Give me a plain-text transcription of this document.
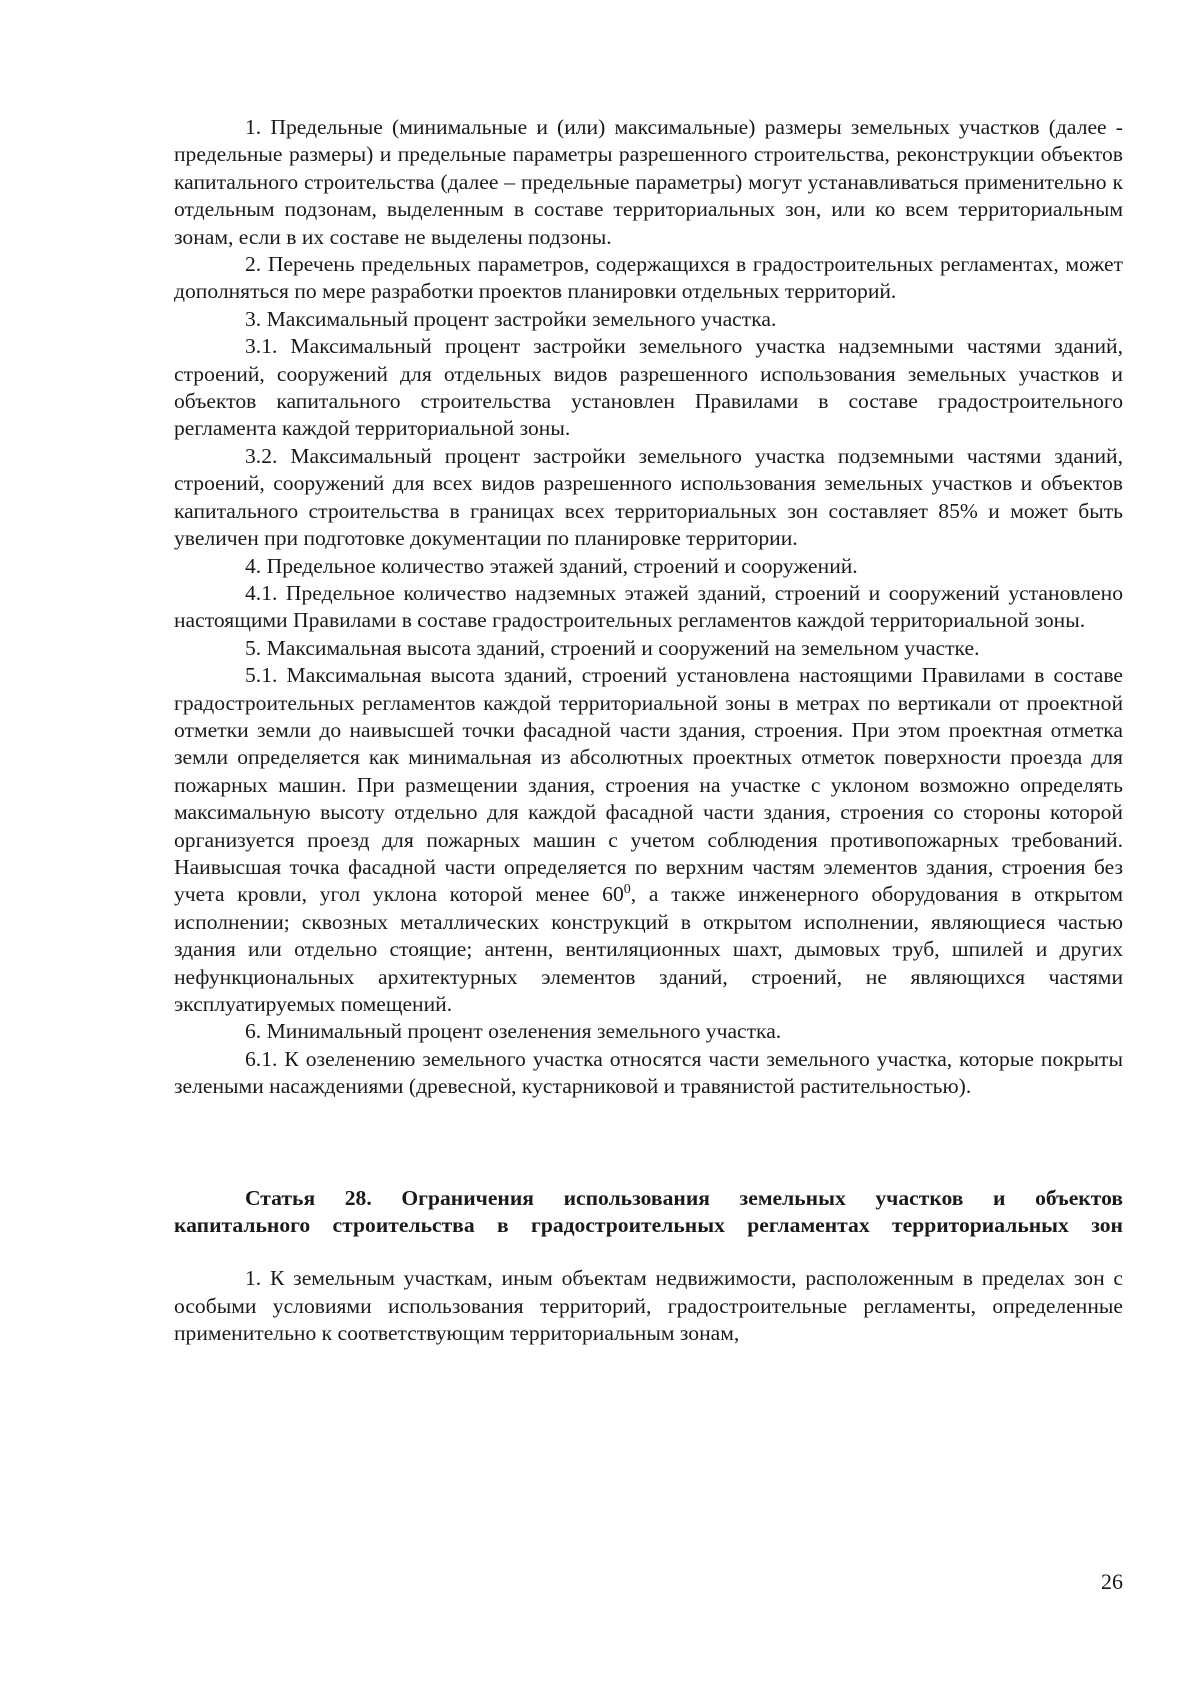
1. Предельные (минимальные и (или) максимальные) размеры земельных участков (далее - предельные размеры) и предельные параметры разрешенного строительства, реконструкции объектов капитального строительства (далее – предельные параметры) могут устанавливаться применительно к отдельным подзонам, выделенным в составе территориальных зон, или ко всем территориальным зонам, если в их составе не выделены подзоны.

2. Перечень предельных параметров, содержащихся в градостроительных регламентах, может дополняться по мере разработки проектов планировки отдельных территорий.

3. Максимальный процент застройки земельного участка.

3.1. Максимальный процент застройки земельного участка надземными частями зданий, строений, сооружений для отдельных видов разрешенного использования земельных участков и объектов капитального строительства установлен Правилами в составе градостроительного регламента каждой территориальной зоны.

3.2. Максимальный процент застройки земельного участка подземными частями зданий, строений, сооружений для всех видов разрешенного использования земельных участков и объектов капитального строительства в границах всех территориальных зон составляет 85% и может быть увеличен при подготовке документации по планировке территории.

4. Предельное количество этажей зданий, строений и сооружений.

4.1. Предельное количество надземных этажей зданий, строений и сооружений установлено настоящими Правилами в составе градостроительных регламентов каждой территориальной зоны.

5. Максимальная высота зданий, строений и сооружений на земельном участке.

5.1. Максимальная высота зданий, строений установлена настоящими Правилами в составе градостроительных регламентов каждой территориальной зоны в метрах по вертикали от проектной отметки земли до наивысшей точки фасадной части здания, строения. При этом проектная отметка земли определяется как минимальная из абсолютных проектных отметок поверхности проезда для пожарных машин. При размещении здания, строения на участке с уклоном возможно определять максимальную высоту отдельно для каждой фасадной части здания, строения со стороны которой организуется проезд для пожарных машин с учетом соблюдения противопожарных требований. Наивысшая точка фасадной части определяется по верхним частям элементов здания, строения без учета кровли, угол уклона которой менее $60^0$, а также инженерного оборудования в открытом исполнении; сквозных металлических конструкций в открытом исполнении, являющиеся частью здания или отдельно стоящие; антенн, вентиляционных шахт, дымовых труб, шпилей и других нефункциональных архитектурных элементов зданий, строений, не являющихся частями эксплуатируемых помещений.

6. Минимальный процент озеленения земельного участка.

6.1. К озеленению земельного участка относятся части земельного участка, которые покрыты зелеными насаждениями (древесной, кустарниковой и травянистой растительностью).

Статья 28. Ограничения использования земельных участков и объектов
капитального строительства в градостроительных регламентах территориальных зон

1. К земельным участкам, иным объектам недвижимости, расположенным в пределах зон с особыми условиями использования территорий, градостроительные регламенты, определенные применительно к соответствующим территориальным зонам,

26
